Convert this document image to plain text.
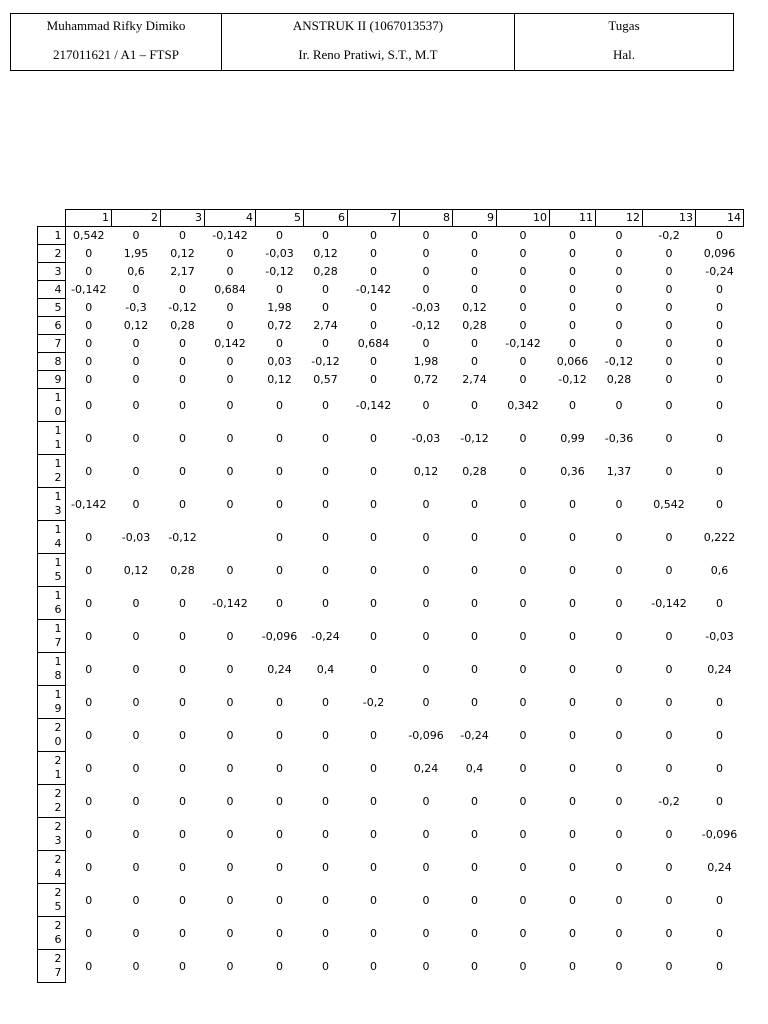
Muhammad Rifky Dimiko
217011621 / A1 – FTSP

ANSTRUK II (1067013537)
Ir. Reno Pratiwi, S.T., M.T

Tugas
Hal.
	1	2	3	4	5	6	7	8	9	10	11	12	13	14
1	0,542	0	0	-0,142	0	0	0	0	0	0	0	0	-0,2	0
2	0	1,95	0,12	0	-0,03	0,12	0	0	0	0	0	0	0	0,096
3	0	0,6	2,17	0	-0,12	0,28	0	0	0	0	0	0	0	-0,24
4	-0,142	0	0	0,684	0	0	-0,142	0	0	0	0	0	0	0
5	0	-0,3	-0,12	0	1,98	0	0	-0,03	0,12	0	0	0	0	0
6	0	0,12	0,28	0	0,72	2,74	0	-0,12	0,28	0	0	0	0	0
7	0	0	0	0,142	0	0	0,684	0	0	-0,142	0	0	0	0
8	0	0	0	0	0,03	-0,12	0	1,98	0	0	0,066	-0,12	0	0
9	0	0	0	0	0,12	0,57	0	0,72	2,74	0	-0,12	0,28	0	0
10	0	0	0	0	0	0	-0,142	0	0	0,342	0	0	0	0
11	0	0	0	0	0	0	0	-0,03	-0,12	0	0,99	-0,36	0	0
12	0	0	0	0	0	0	0	0,12	0,28	0	0,36	1,37	0	0
13	-0,142	0	0	0	0	0	0	0	0	0	0	0	0,542	0
14	0	-0,03	-0,12		0	0	0	0	0	0	0	0	0	0,222
15	0	0,12	0,28	0	0	0	0	0	0	0	0	0	0	0,6
16	0	0	0	-0,142	0	0	0	0	0	0	0	0	-0,142	0
17	0	0	0	0	-0,096	-0,24	0	0	0	0	0	0	0	-0,03
18	0	0	0	0	0,24	0,4	0	0	0	0	0	0	0	0,24
19	0	0	0	0	0	0	-0,2	0	0	0	0	0	0	0
20	0	0	0	0	0	0	0	-0,096	-0,24	0	0	0	0	0
21	0	0	0	0	0	0	0	0,24	0,4	0	0	0	0	0
22	0	0	0	0	0	0	0	0	0	0	0	0	-0,2	0
23	0	0	0	0	0	0	0	0	0	0	0	0	0	-0,096
24	0	0	0	0	0	0	0	0	0	0	0	0	0	0,24
25	0	0	0	0	0	0	0	0	0	0	0	0	0	0
26	0	0	0	0	0	0	0	0	0	0	0	0	0	0
27	0	0	0	0	0	0	0	0	0	0	0	0	0	0
